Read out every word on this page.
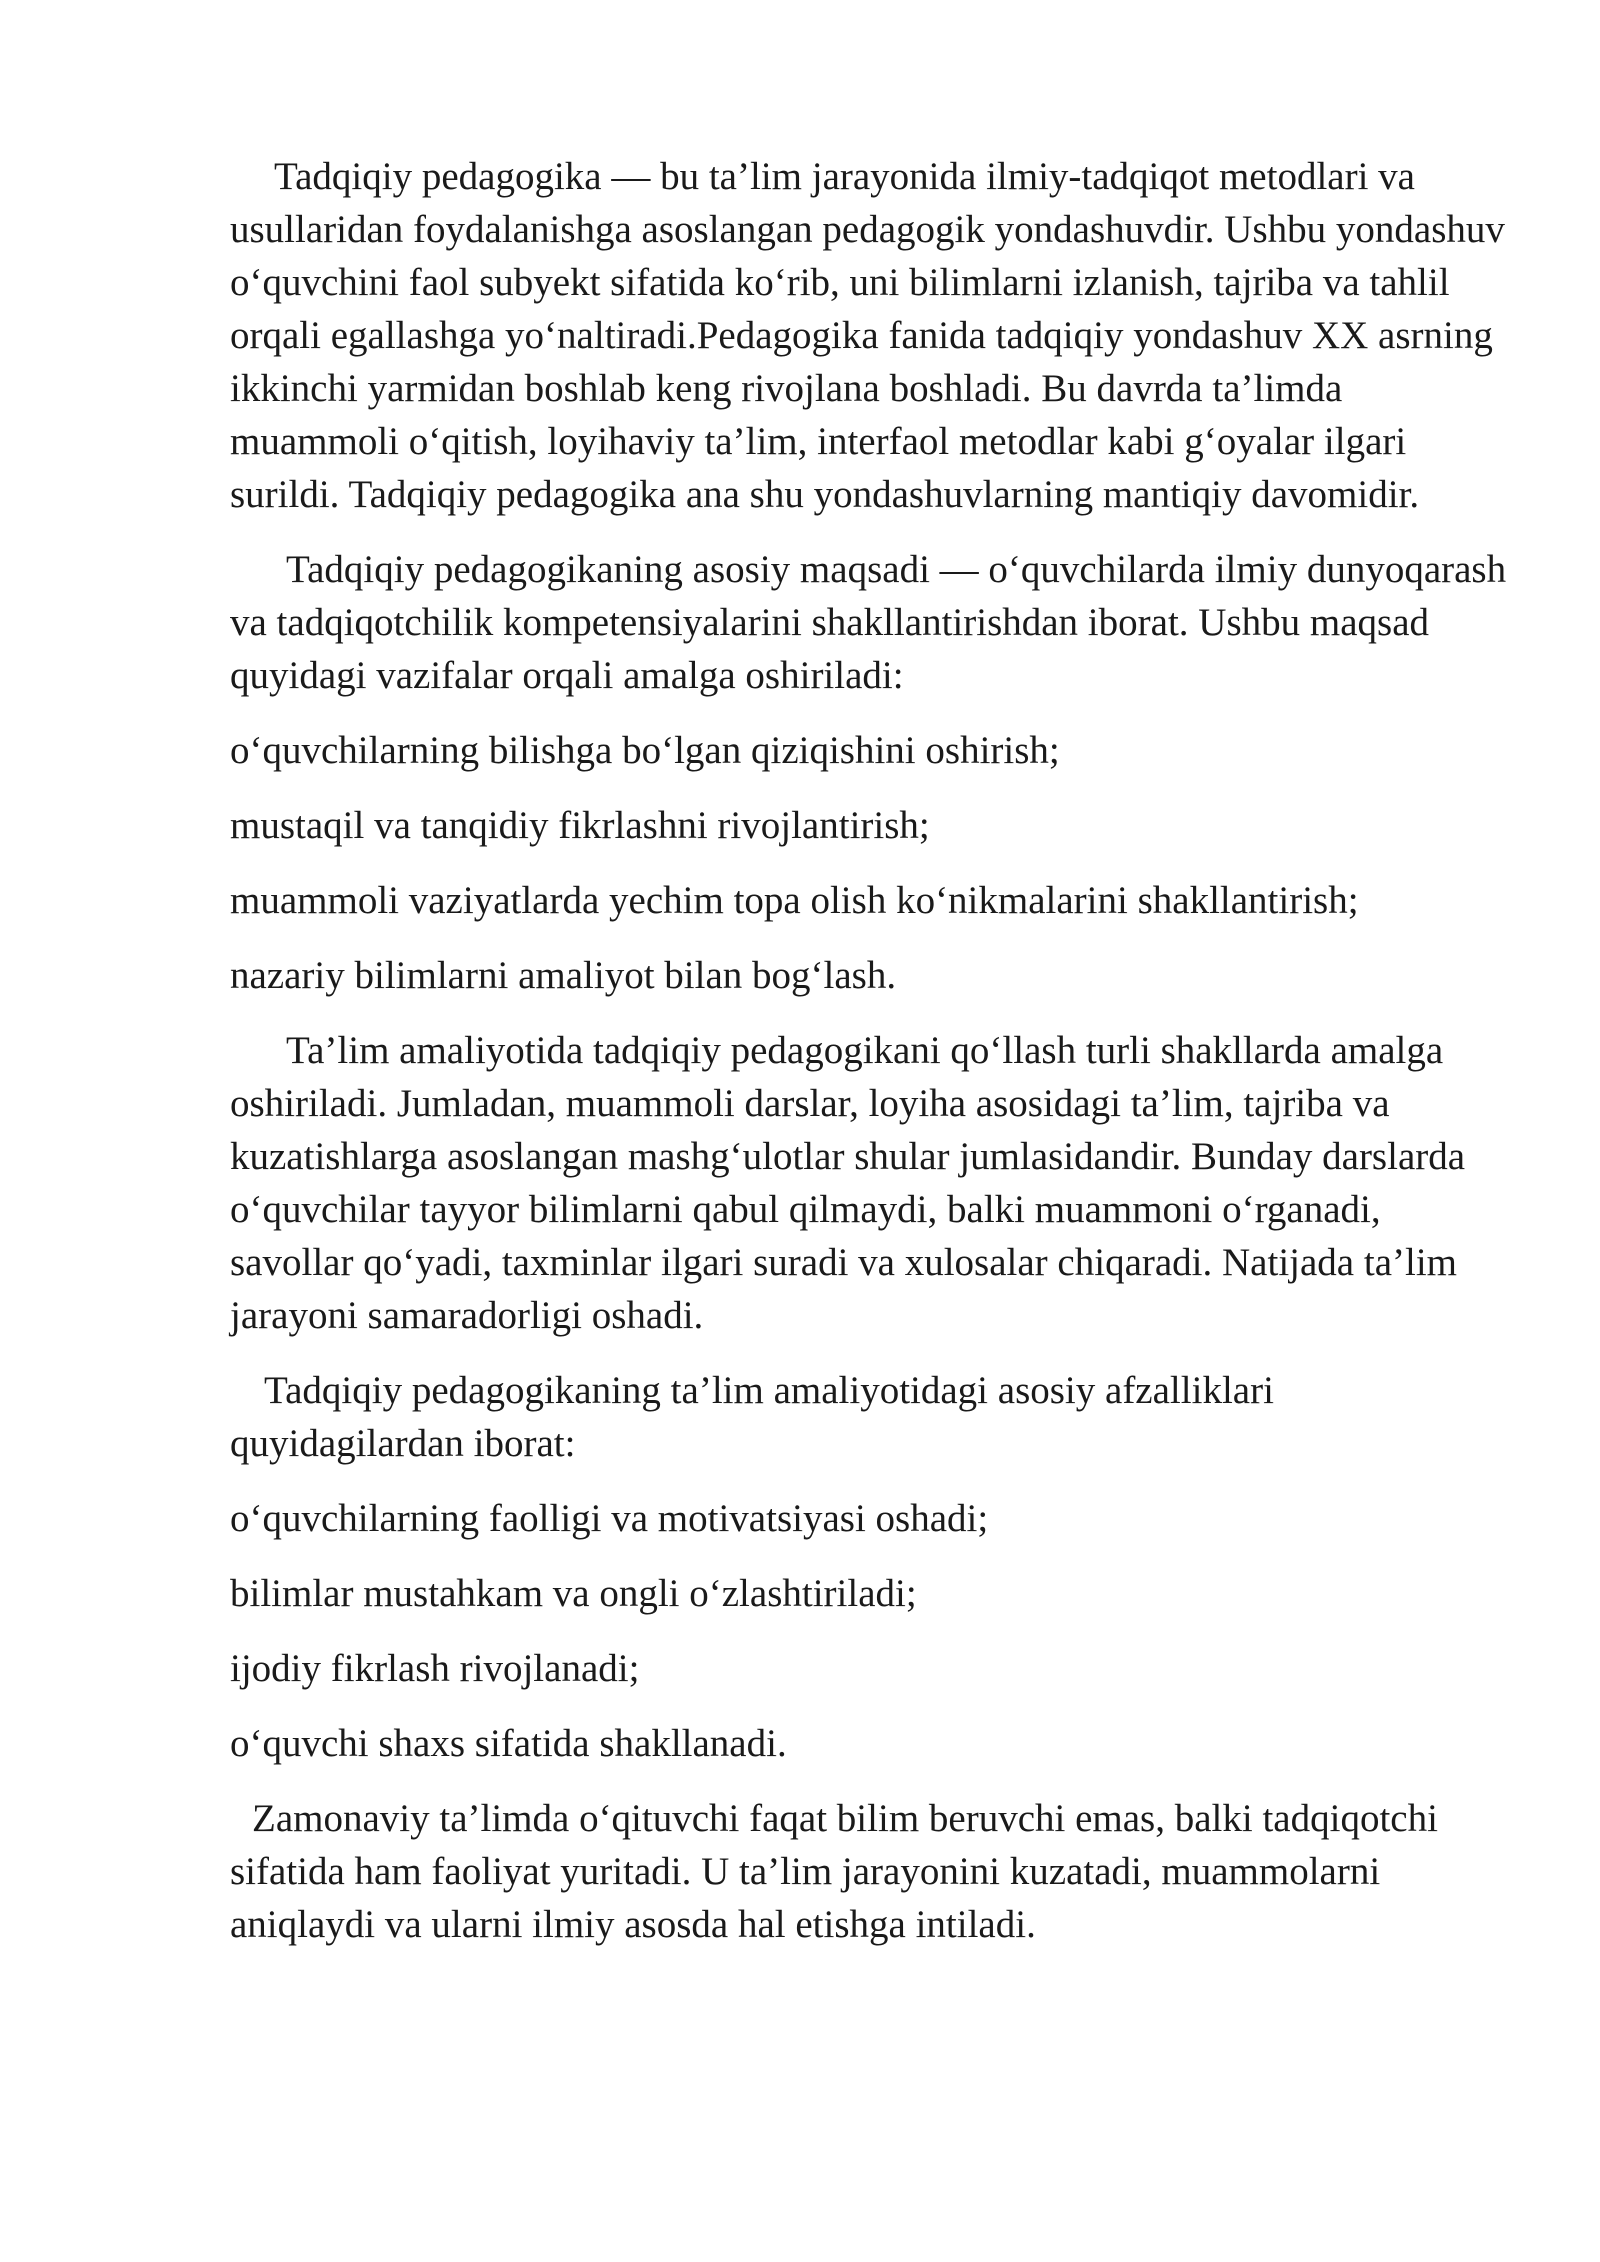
Tadqiqiy pedagogika — bu ta’lim jarayonida ilmiy-tadqiqot metodlari va usullaridan foydalanishga asoslangan pedagogik yondashuvdir. Ushbu yondashuv o‘quvchini faol subyekt sifatida ko‘rib, uni bilimlarni izlanish, tajriba va tahlil orqali egallashga yo‘naltiradi.Pedagogika fanida tadqiqiy yondashuv XX asrning ikkinchi yarmidan boshlab keng rivojlana boshladi. Bu davrda ta’limda muammoli o‘qitish, loyihaviy ta’lim, interfaol metodlar kabi g‘oyalar ilgari surildi. Tadqiqiy pedagogika ana shu yondashuvlarning mantiqiy davomidir.

Tadqiqiy pedagogikaning asosiy maqsadi — o‘quvchilarda ilmiy dunyoqarash va tadqiqotchilik kompetensiyalarini shakllantirishdan iborat. Ushbu maqsad quyidagi vazifalar orqali amalga oshiriladi:

o‘quvchilarning bilishga bo‘lgan qiziqishini oshirish;

mustaqil va tanqidiy fikrlashni rivojlantirish;

muammoli vaziyatlarda yechim topa olish ko‘nikmalarini shakllantirish;

nazariy bilimlarni amaliyot bilan bog‘lash.

Ta’lim amaliyotida tadqiqiy pedagogikani qo‘llash turli shakllarda amalga oshiriladi. Jumladan, muammoli darslar, loyiha asosidagi ta’lim, tajriba va kuzatishlarga asoslangan mashg‘ulotlar shular jumlasidandir. Bunday darslarda o‘quvchilar tayyor bilimlarni qabul qilmaydi, balki muammoni o‘rganadi, savollar qo‘yadi, taxminlar ilgari suradi va xulosalar chiqaradi. Natijada ta’lim jarayoni samaradorligi oshadi.

Tadqiqiy pedagogikaning ta’lim amaliyotidagi asosiy afzalliklari quyidagilardan iborat:

o‘quvchilarning faolligi va motivatsiyasi oshadi;

bilimlar mustahkam va ongli o‘zlashtiriladi;

ijodiy fikrlash rivojlanadi;

o‘quvchi shaxs sifatida shakllanadi.

Zamonaviy ta’limda o‘qituvchi faqat bilim beruvchi emas, balki tadqiqotchi sifatida ham faoliyat yuritadi. U ta’lim jarayonini kuzatadi, muammolarni aniqlaydi va ularni ilmiy asosda hal etishga intiladi.
